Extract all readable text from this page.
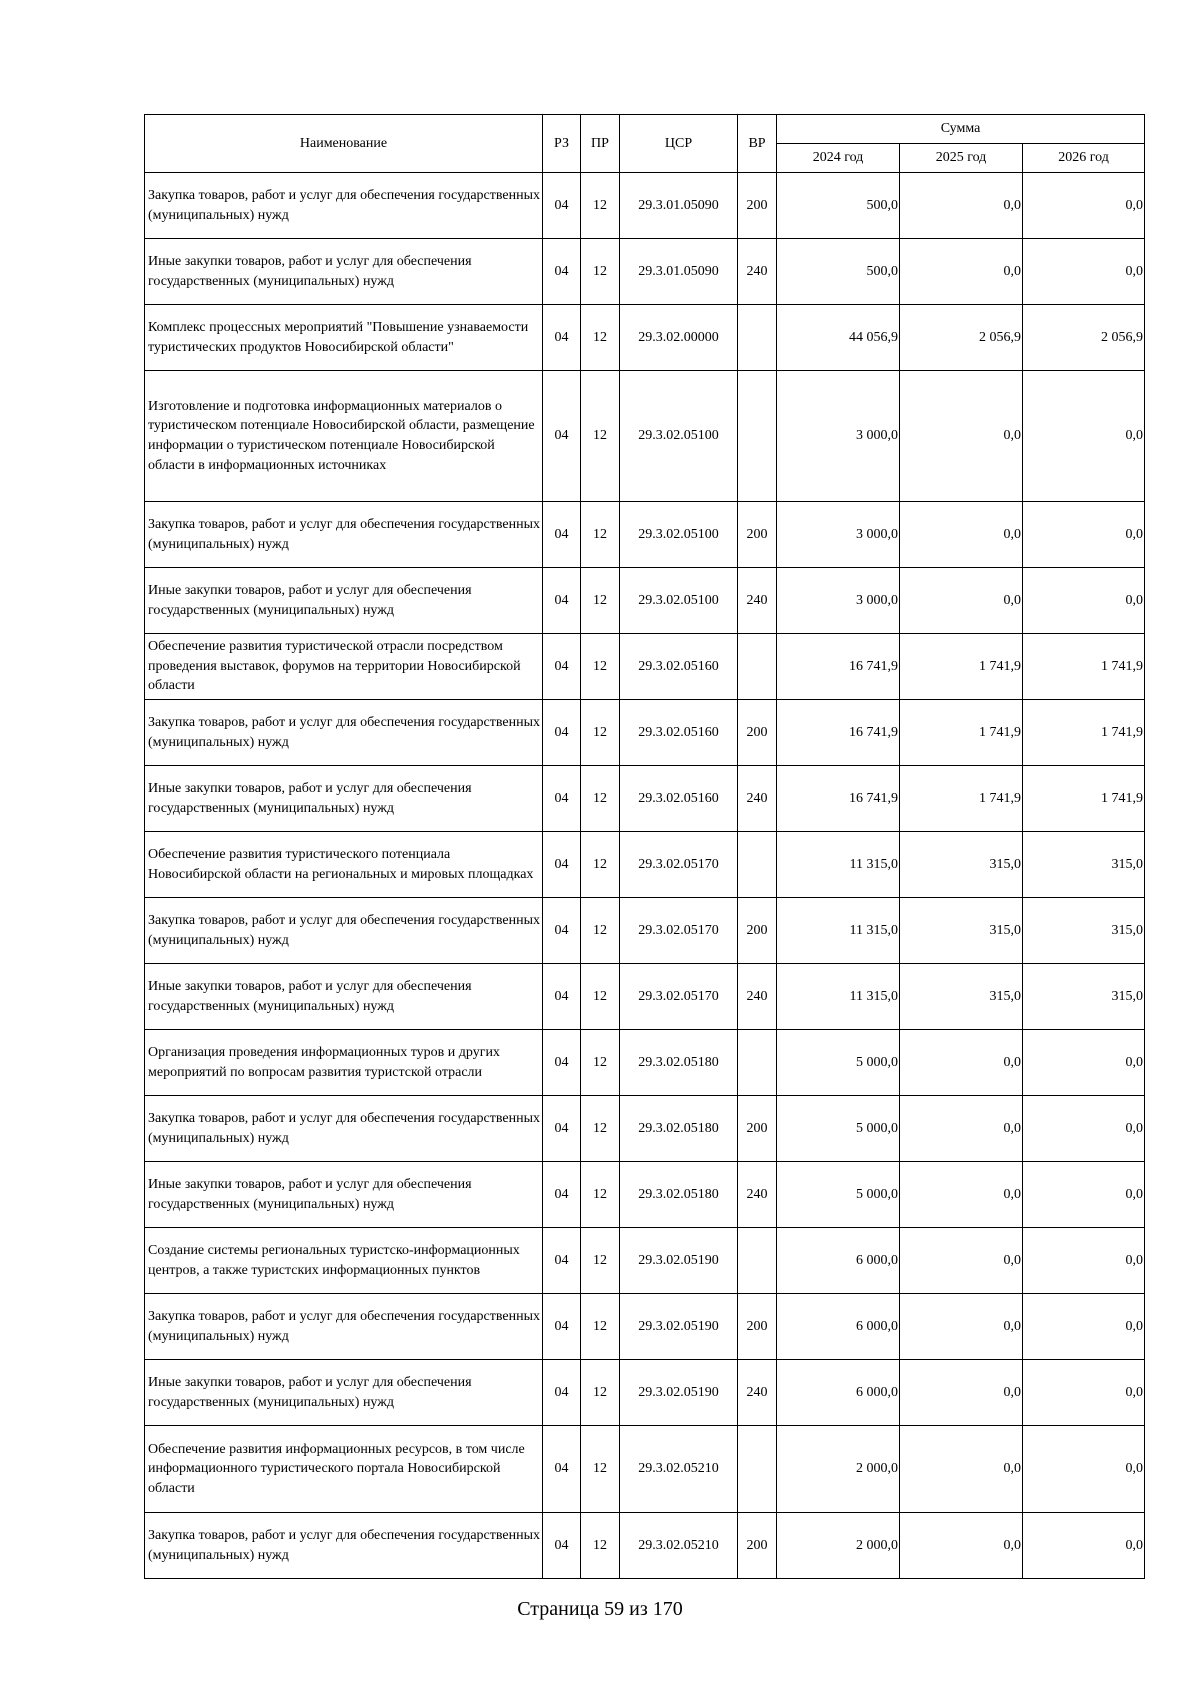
Наименование	РЗ	ПР	ЦСР	ВР	Сумма		
					2024 год	2025 год	2026 год
Закупка товаров, работ и услуг для обеспечения государственных (муниципальных) нужд	04	12	29.3.01.05090	200	500,0	0,0	0,0
Иные закупки товаров, работ и услуг для обеспечения государственных (муниципальных) нужд	04	12	29.3.01.05090	240	500,0	0,0	0,0
Комплекс процессных мероприятий "Повышение узнаваемости туристических продуктов Новосибирской области"	04	12	29.3.02.00000		44 056,9	2 056,9	2 056,9
Изготовление и подготовка информационных материалов о туристическом потенциале Новосибирской области, размещение информации о туристическом потенциале Новосибирской области в информационных источниках	04	12	29.3.02.05100		3 000,0	0,0	0,0
Закупка товаров, работ и услуг для обеспечения государственных (муниципальных) нужд	04	12	29.3.02.05100	200	3 000,0	0,0	0,0
Иные закупки товаров, работ и услуг для обеспечения государственных (муниципальных) нужд	04	12	29.3.02.05100	240	3 000,0	0,0	0,0
Обеспечение развития туристической отрасли посредством проведения выставок, форумов на территории Новосибирской области	04	12	29.3.02.05160		16 741,9	1 741,9	1 741,9
Закупка товаров, работ и услуг для обеспечения государственных (муниципальных) нужд	04	12	29.3.02.05160	200	16 741,9	1 741,9	1 741,9
Иные закупки товаров, работ и услуг для обеспечения государственных (муниципальных) нужд	04	12	29.3.02.05160	240	16 741,9	1 741,9	1 741,9
Обеспечение развития туристического потенциала Новосибирской области на региональных и мировых площадках	04	12	29.3.02.05170		11 315,0	315,0	315,0
Закупка товаров, работ и услуг для обеспечения государственных (муниципальных) нужд	04	12	29.3.02.05170	200	11 315,0	315,0	315,0
Иные закупки товаров, работ и услуг для обеспечения государственных (муниципальных) нужд	04	12	29.3.02.05170	240	11 315,0	315,0	315,0
Организация проведения информационных туров и других мероприятий по вопросам развития туристской отрасли	04	12	29.3.02.05180		5 000,0	0,0	0,0
Закупка товаров, работ и услуг для обеспечения государственных (муниципальных) нужд	04	12	29.3.02.05180	200	5 000,0	0,0	0,0
Иные закупки товаров, работ и услуг для обеспечения государственных (муниципальных) нужд	04	12	29.3.02.05180	240	5 000,0	0,0	0,0
Создание системы региональных туристско-информационных центров, а также туристских информационных пунктов	04	12	29.3.02.05190		6 000,0	0,0	0,0
Закупка товаров, работ и услуг для обеспечения государственных (муниципальных) нужд	04	12	29.3.02.05190	200	6 000,0	0,0	0,0
Иные закупки товаров, работ и услуг для обеспечения государственных (муниципальных) нужд	04	12	29.3.02.05190	240	6 000,0	0,0	0,0
Обеспечение развития информационных ресурсов, в том числе информационного туристического портала Новосибирской области	04	12	29.3.02.05210		2 000,0	0,0	0,0
Закупка товаров, работ и услуг для обеспечения государственных (муниципальных) нужд	04	12	29.3.02.05210	200	2 000,0	0,0	0,0
Страница 59 из 170
